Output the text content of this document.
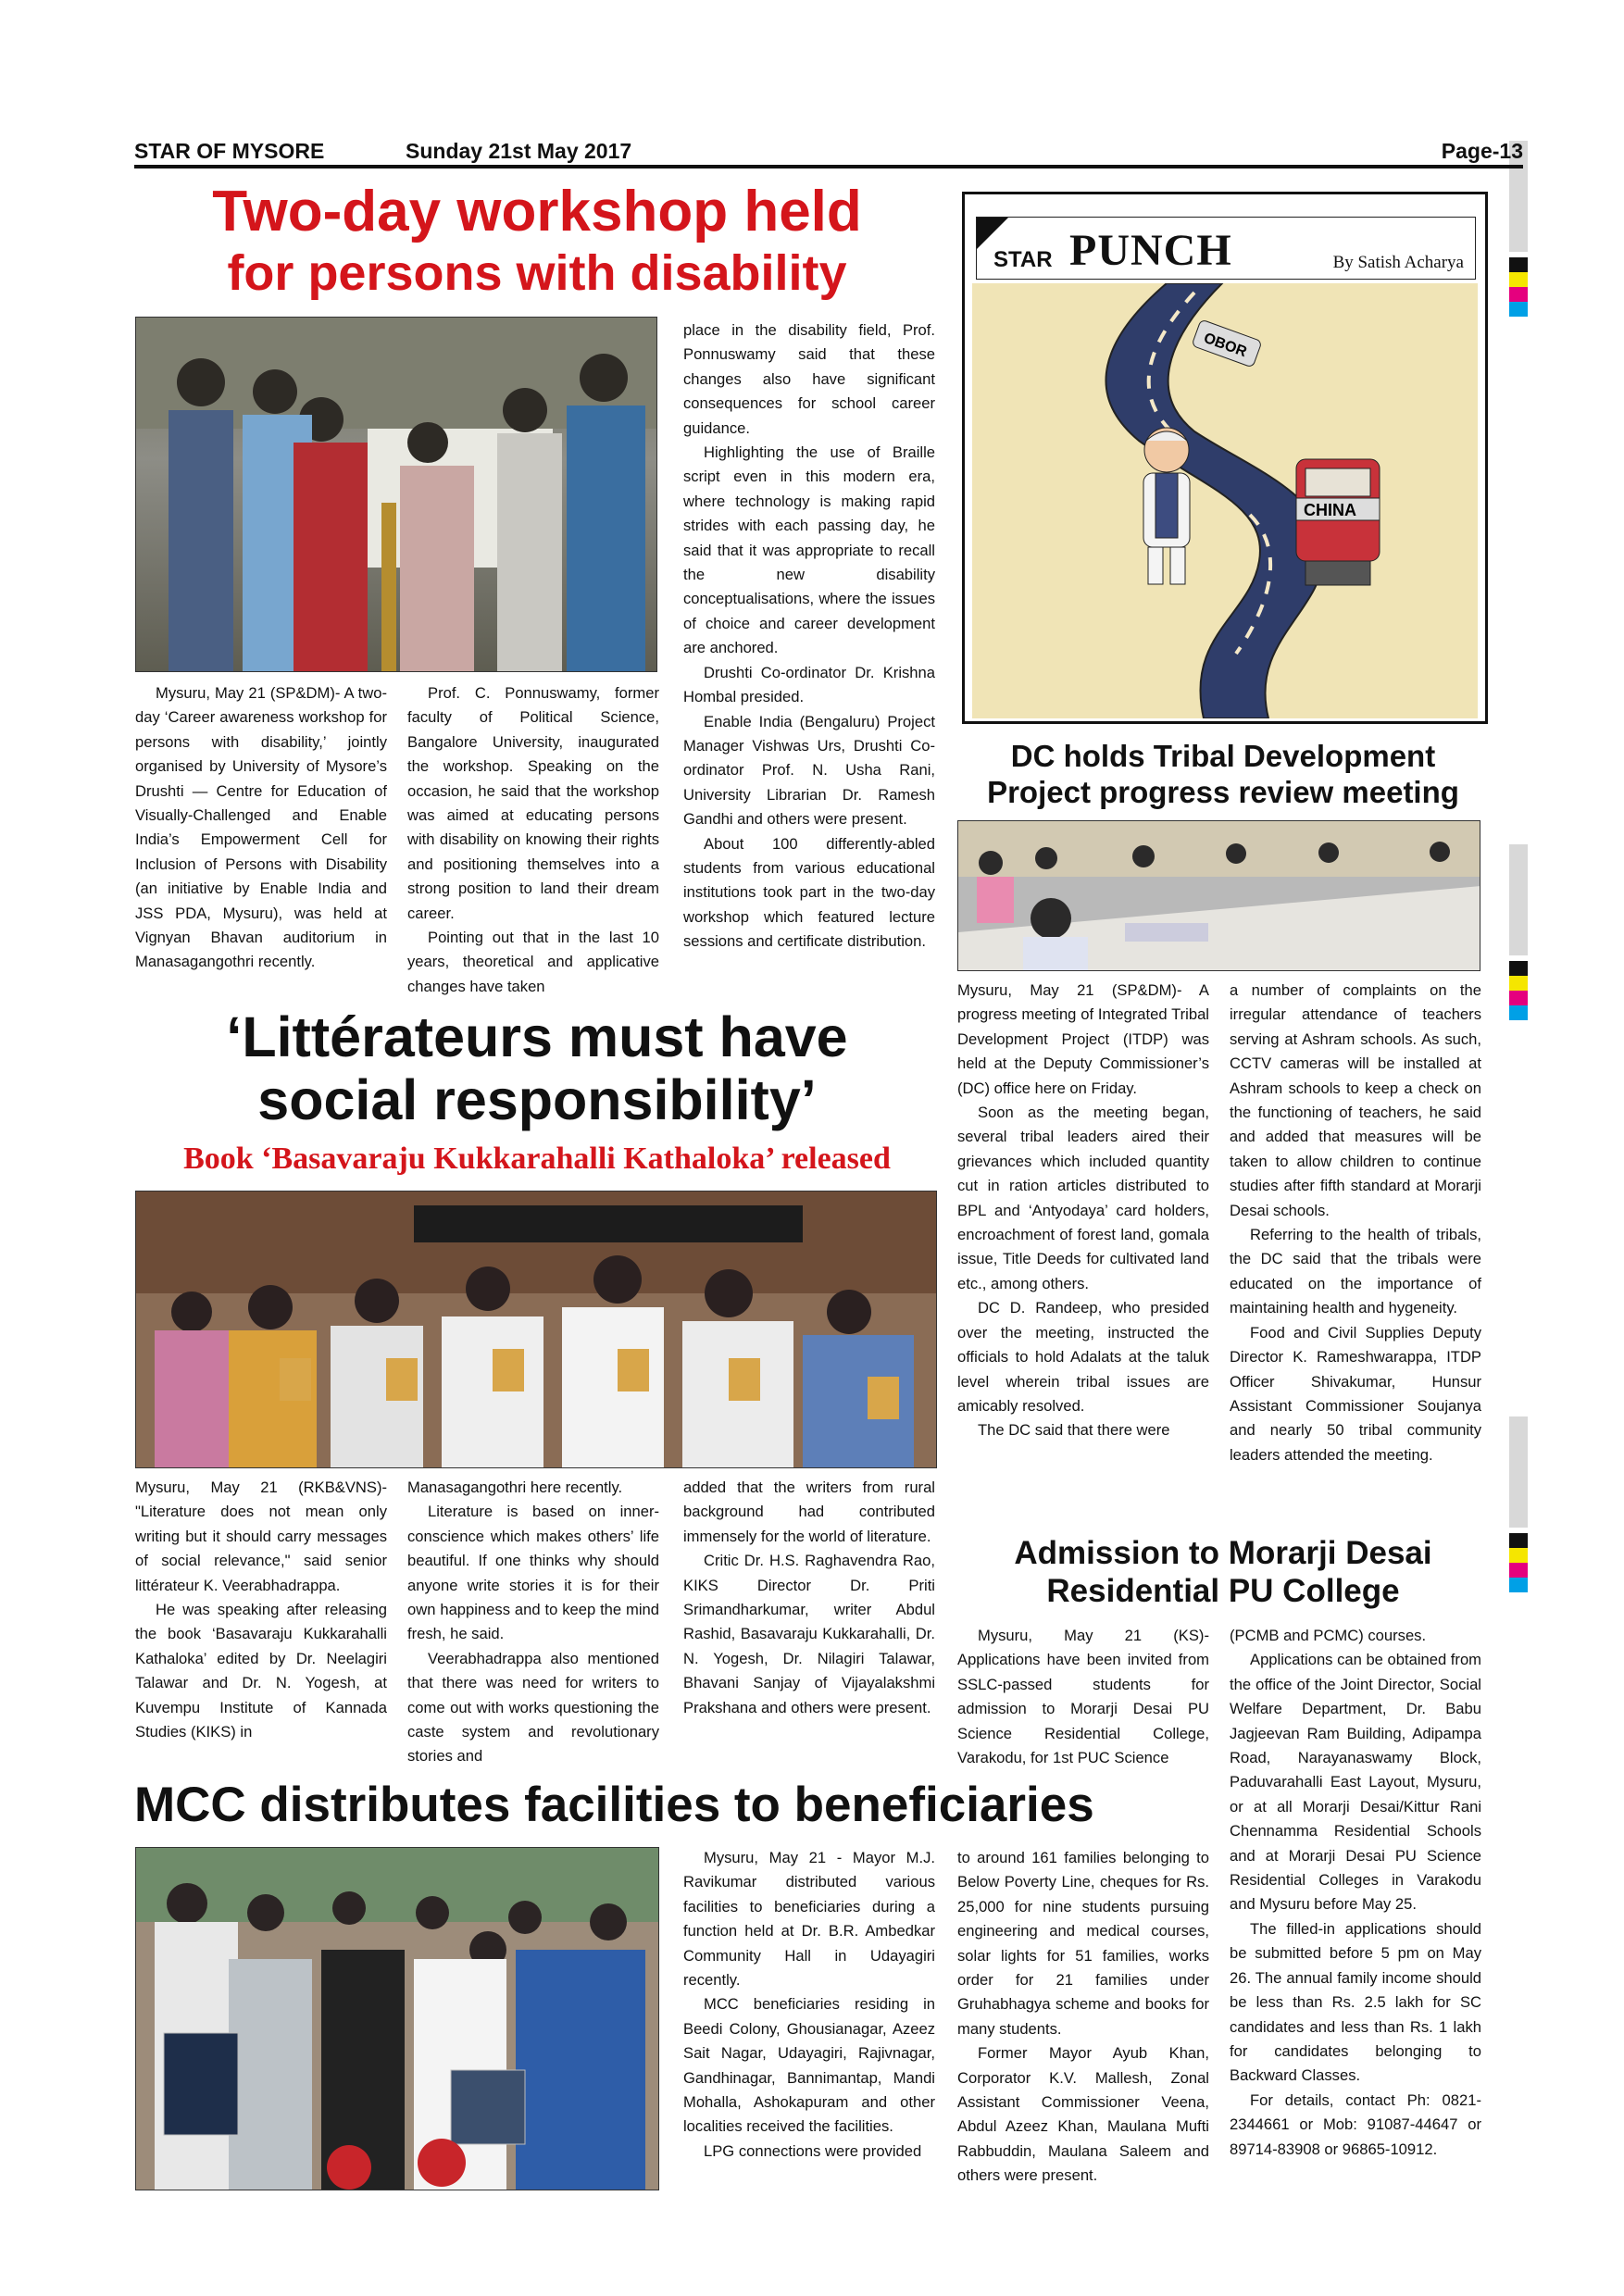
STAR OF MYSORE	Sunday 21st May 2017	Page-13
Two-day workshop held
for persons with disability

Mysuru, May 21 (SP&DM)- A two-day ‘Career awareness workshop for persons with disability,’ jointly organised by University of Mysore’s Drushti — Centre for Education of Visually-Challenged and Enable India’s Empowerment Cell for Inclusion of Persons with Disability (an initiative by Enable India and JSS PDA, Mysuru), was held at Vignyan Bhavan auditorium in Manasagangothri recently.

Prof. C. Ponnuswamy, former faculty of Political Science, Bangalore University, inaugurated the workshop. Speaking on the occasion, he said that the workshop was aimed at educating persons with disability on knowing their rights and positioning themselves into a strong position to land their dream career.

Pointing out that in the last 10 years, theoretical and applicative changes have taken

place in the disability field, Prof. Ponnuswamy said that these changes also have significant consequences for school career guidance.

Highlighting the use of Braille script even in this modern era, where technology is making rapid strides with each passing day, he said that it was appropriate to recall the new disability conceptualisations, where the issues of choice and career development are anchored.

Drushti Co-ordinator Dr. Krishna Hombal presided.

Enable India (Bengaluru) Project Manager Vishwas Urs, Drushti Co-ordinator Prof. N. Usha Rani, University Librarian Dr. Ramesh Gandhi and others were present.

About 100 differently-abled students from various educational institutions took part in the two-day workshop which featured lecture sessions and certificate distribution.

STAR PUNCH	By Satish Acharya
OBOR
CHINA
DC holds Tribal Development
Project progress review meeting

Mysuru, May 21 (SP&DM)- A progress meeting of Integrated Tribal Development Project (ITDP) was held at the Deputy Commissioner’s (DC) office here on Friday.

Soon as the meeting began, several tribal leaders aired their grievances which included quantity cut in ration articles distributed to BPL and ‘Antyodaya’ card holders, encroachment of forest land, gomala issue, Title Deeds for cultivated land etc., among others.

DC D. Randeep, who presided over the meeting, instructed the officials to hold Adalats at the taluk level wherein tribal issues are amicably resolved.

The DC said that there were

a number of complaints on the irregular attendance of teachers serving at Ashram schools. As such, CCTV cameras will be installed at Ashram schools to keep a check on the functioning of teachers, he said and added that measures will be taken to allow children to continue studies after fifth standard at Morarji Desai schools.

Referring to the health of tribals, the DC said that the tribals were educated on the importance of maintaining health and hygeneity.

Food and Civil Supplies Deputy Director K. Rameshwarappa, ITDP Officer Shivakumar, Hunsur Assistant Commissioner Soujanya and nearly 50 tribal community leaders attended the meeting.

‘Littérateurs must have
social responsibility’
Book ‘Basavaraju Kukkarahalli Kathaloka’ released

Mysuru, May 21 (RKB&VNS)- "Literature does not mean only writing but it should carry messages of social relevance," said senior littérateur K. Veerabhadrappa.

He was speaking after releasing the book ‘Basavaraju Kukkarahalli Kathaloka’ edited by Dr. Neelagiri Talawar and Dr. N. Yogesh, at Kuvempu Institute of Kannada Studies (KIKS) in

Manasagangothri here recently.

Literature is based on inner-conscience which makes others’ life beautiful. If one thinks why should anyone write stories it is for their own happiness and to keep the mind fresh, he said.

Veerabhadrappa also mentioned that there was need for writers to come out with works questioning the caste system and revolutionary stories and

added that the writers from rural background had contributed immensely for the world of literature.

Critic Dr. H.S. Raghavendra Rao, KIKS Director Dr. Priti Srimandharkumar, writer Abdul Rashid, Basavaraju Kukkarahalli, Dr. N. Yogesh, Dr. Nilagiri Talawar, Bhavani Sanjay of Vijayalakshmi Prakshana and others were present.

Admission to Morarji Desai
Residential PU College

Mysuru, May 21 (KS)- Applications have been invited from SSLC-passed students for admission to Morarji Desai PU Science Residential College, Varakodu, for 1st PUC Science

(PCMB and PCMC) courses.

Applications can be obtained from the office of the Joint Director, Social Welfare Department, Dr. Babu Jagjeevan Ram Building, Adipampa Road, Narayanaswamy Block, Paduvarahalli East Layout, Mysuru, or at all Morarji Desai/Kittur Rani Chennamma Residential Schools and at Morarji Desai PU Science Residential Colleges in Varakodu and Mysuru before May 25.

The filled-in applications should be submitted before 5 pm on May 26. The annual family income should be less than Rs. 2.5 lakh for SC candidates and less than Rs. 1 lakh for candidates belonging to Backward Classes.

For details, contact Ph: 0821-2344661 or Mob: 91087-44647 or 89714-83908 or 96865-10912.

MCC distributes facilities to beneficiaries

Mysuru, May 21 - Mayor M.J. Ravikumar distributed various facilities to beneficiaries during a function held at Dr. B.R. Ambedkar Community Hall in Udayagiri recently.

MCC beneficiaries residing in Beedi Colony, Ghousianagar, Azeez Sait Nagar, Udayagiri, Rajivnagar, Gandhinagar, Bannimantap, Mandi Mohalla, Ashokapuram and other localities received the facilities.

LPG connections were provided

to around 161 families belonging to Below Poverty Line, cheques for Rs. 25,000 for nine students pursuing engineering and medical courses, solar lights for 51 families, works order for 21 families under Gruhabhagya scheme and books for many students.

Former Mayor Ayub Khan, Corporator K.V. Mallesh, Zonal Assistant Commissioner Veena, Abdul Azeez Khan, Maulana Mufti Rabbuddin, Maulana Saleem and others were present.
